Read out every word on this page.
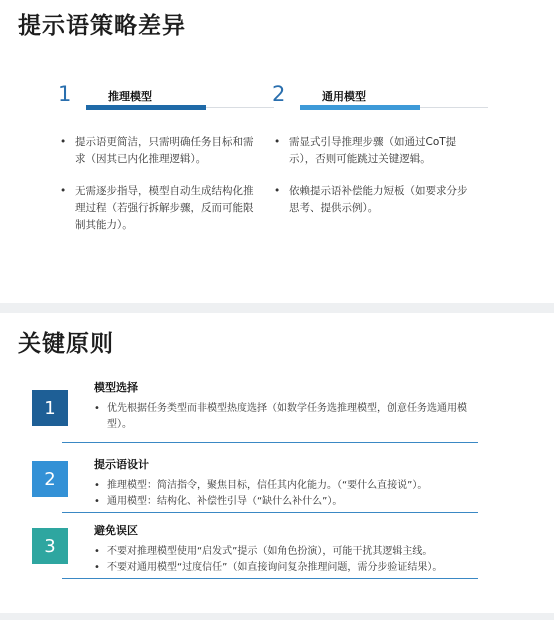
提示语策略差异
1	推理模型
• 提示语更简洁，只需明确任务目标和需求（因其已内化推理逻辑）。
• 无需逐步指导，模型自动生成结构化推理过程（若强行拆解步骤，反而可能限制其能力）。
2	通用模型
• 需显式引导推理步骤（如通过CoT提示），否则可能跳过关键逻辑。
• 依赖提示语补偿能力短板（如要求分步思考、提供示例）。
关键原则
1
模型选择
• 优先根据任务类型而非模型热度选择（如数学任务选推理模型，创意任务选通用模型）。
2
提示语设计
• 推理模型：简洁指令，聚焦目标，信任其内化能力。（“要什么直接说”）。
• 通用模型：结构化、补偿性引导（“缺什么补什么”）。
3
避免误区
• 不要对推理模型使用“启发式”提示（如角色扮演），可能干扰其逻辑主线。
• 不要对通用模型“过度信任”（如直接询问复杂推理问题，需分步验证结果）。
